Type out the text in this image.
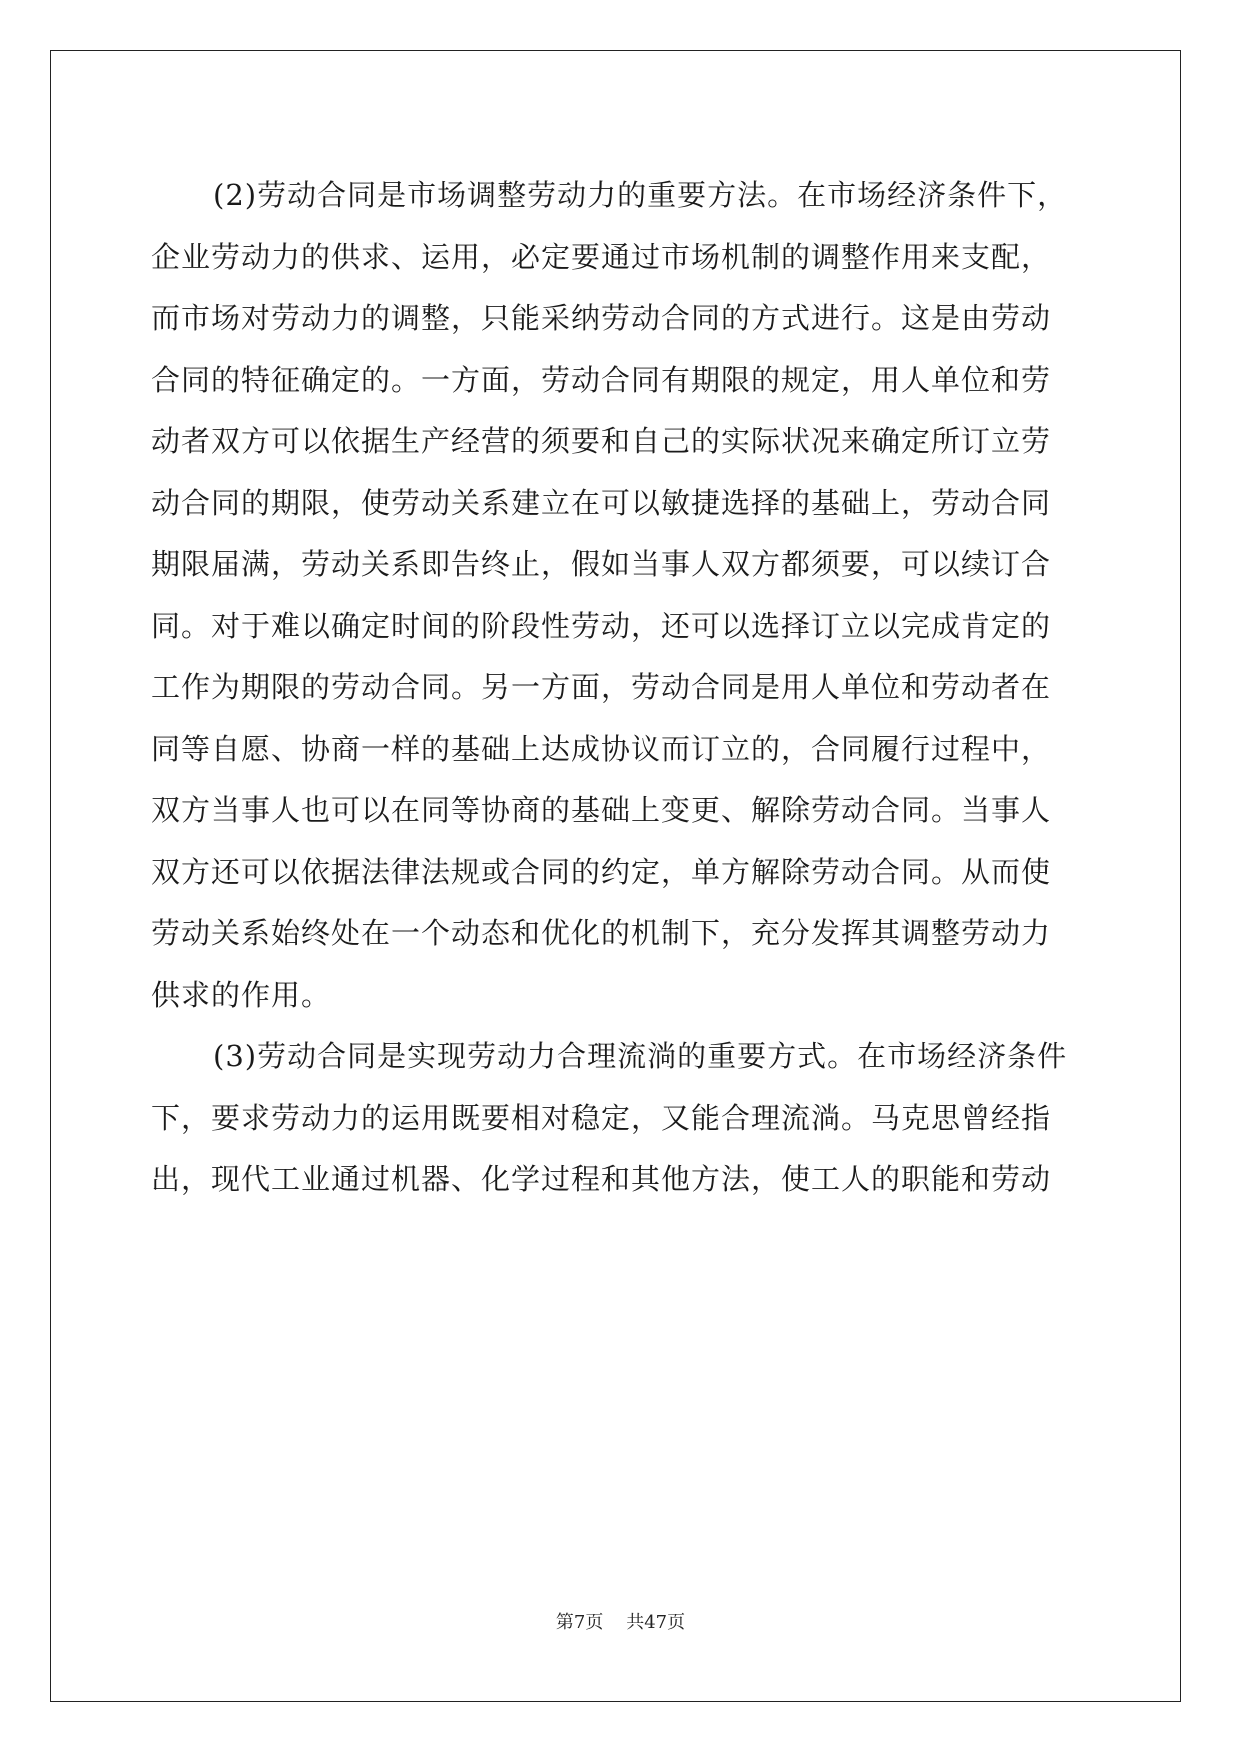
(2)劳动合同是市场调整劳动力的重要方法。在市场经济条件下，
企业劳动力的供求、运用，必定要通过市场机制的调整作用来支配，
而市场对劳动力的调整，只能采纳劳动合同的方式进行。这是由劳动
合同的特征确定的。一方面，劳动合同有期限的规定，用人单位和劳
动者双方可以依据生产经营的须要和自己的实际状况来确定所订立劳
动合同的期限，使劳动关系建立在可以敏捷选择的基础上，劳动合同
期限届满，劳动关系即告终止，假如当事人双方都须要，可以续订合
同。对于难以确定时间的阶段性劳动，还可以选择订立以完成肯定的
工作为期限的劳动合同。另一方面，劳动合同是用人单位和劳动者在
同等自愿、协商一样的基础上达成协议而订立的，合同履行过程中，
双方当事人也可以在同等协商的基础上变更、解除劳动合同。当事人
双方还可以依据法律法规或合同的约定，单方解除劳动合同。从而使
劳动关系始终处在一个动态和优化的机制下，充分发挥其调整劳动力
供求的作用。
(3)劳动合同是实现劳动力合理流淌的重要方式。在市场经济条件
下，要求劳动力的运用既要相对稳定，又能合理流淌。马克思曾经指
出，现代工业通过机器、化学过程和其他方法，使工人的职能和劳动
第7页 共47页
